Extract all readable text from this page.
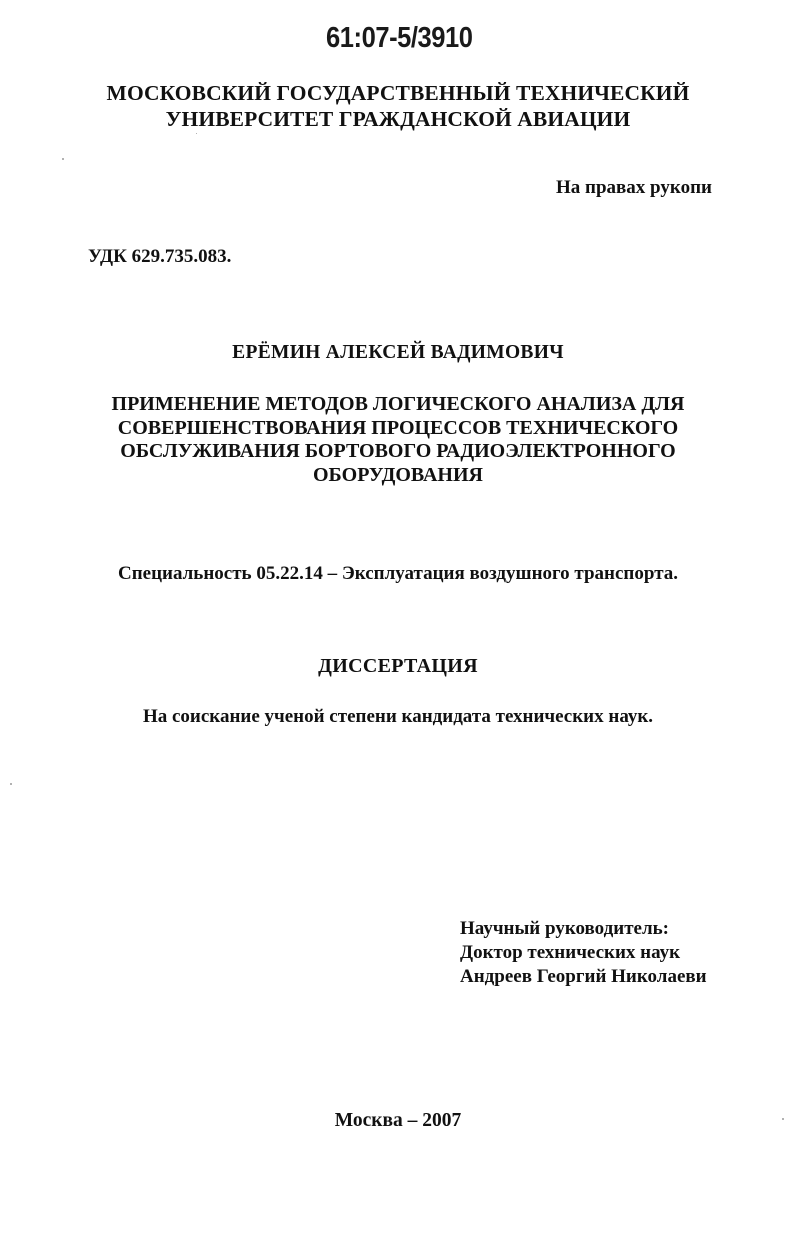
61:07-5/3910
МОСКОВСКИЙ ГОСУДАРСТВЕННЫЙ ТЕХНИЧЕСКИЙ
УНИВЕРСИТЕТ ГРАЖДАНСКОЙ АВИАЦИИ
На правах рукопи
УДК 629.735.083.
ЕРЁМИН АЛЕКСЕЙ ВАДИМОВИЧ
ПРИМЕНЕНИЕ МЕТОДОВ ЛОГИЧЕСКОГО АНАЛИЗА ДЛЯ
СОВЕРШЕНСТВОВАНИЯ ПРОЦЕССОВ ТЕХНИЧЕСКОГО
ОБСЛУЖИВАНИЯ БОРТОВОГО РАДИОЭЛЕКТРОННОГО
ОБОРУДОВАНИЯ
Специальность 05.22.14 – Эксплуатация воздушного транспорта.
ДИССЕРТАЦИЯ
На соискание ученой степени кандидата технических наук.
Научный руководитель:
Доктор технических наук
Андреев Георгий Николаеви
Москва – 2007
